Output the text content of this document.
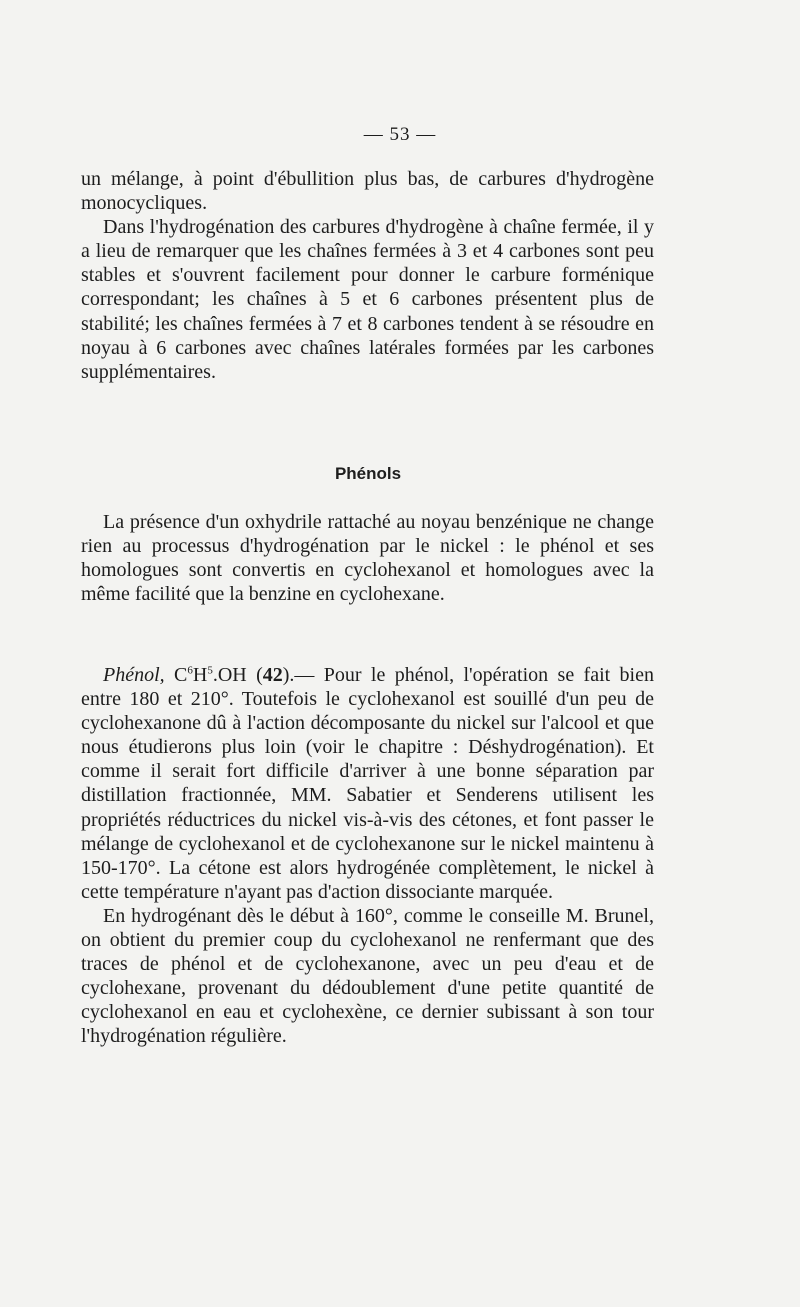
— 53 —

un mélange, à point d'ébullition plus bas, de carbures d'hydrogène monocycliques.

Dans l'hydrogénation des carbures d'hydrogène à chaîne fermée, il y a lieu de remarquer que les chaînes fermées à 3 et 4 carbones sont peu stables et s'ouvrent facilement pour donner le carbure forménique correspondant; les chaînes à 5 et 6 carbones présentent plus de stabilité; les chaînes fermées à 7 et 8 carbones tendent à se résoudre en noyau à 6 carbones avec chaînes latérales formées par les carbones supplémentaires.

Phénols

La présence d'un oxhydrile rattaché au noyau benzénique ne change rien au processus d'hydrogénation par le nickel : le phénol et ses homologues sont convertis en cyclohexanol et homologues avec la même facilité que la benzine en cyclohexane.

Phénol, $C^6H^5.OH$ (42).— Pour le phénol, l'opération se fait bien entre 180 et 210°. Toutefois le cyclohexanol est souillé d'un peu de cyclohexanone dû à l'action décomposante du nickel sur l'alcool et que nous étudierons plus loin (voir le chapitre : Déshydrogénation). Et comme il serait fort difficile d'arriver à une bonne séparation par distillation fractionnée, MM. Sabatier et Senderens utilisent les propriétés réductrices du nickel vis-à-vis des cétones, et font passer le mélange de cyclohexanol et de cyclohexanone sur le nickel maintenu à 150-170°. La cétone est alors hydrogénée complètement, le nickel à cette température n'ayant pas d'action dissociante marquée.

En hydrogénant dès le début à 160°, comme le conseille M. Brunel, on obtient du premier coup du cyclohexanol ne renfermant que des traces de phénol et de cyclohexanone, avec un peu d'eau et de cyclohexane, provenant du dédoublement d'une petite quantité de cyclohexanol en eau et cyclohexène, ce dernier subissant à son tour l'hydrogénation régulière.
